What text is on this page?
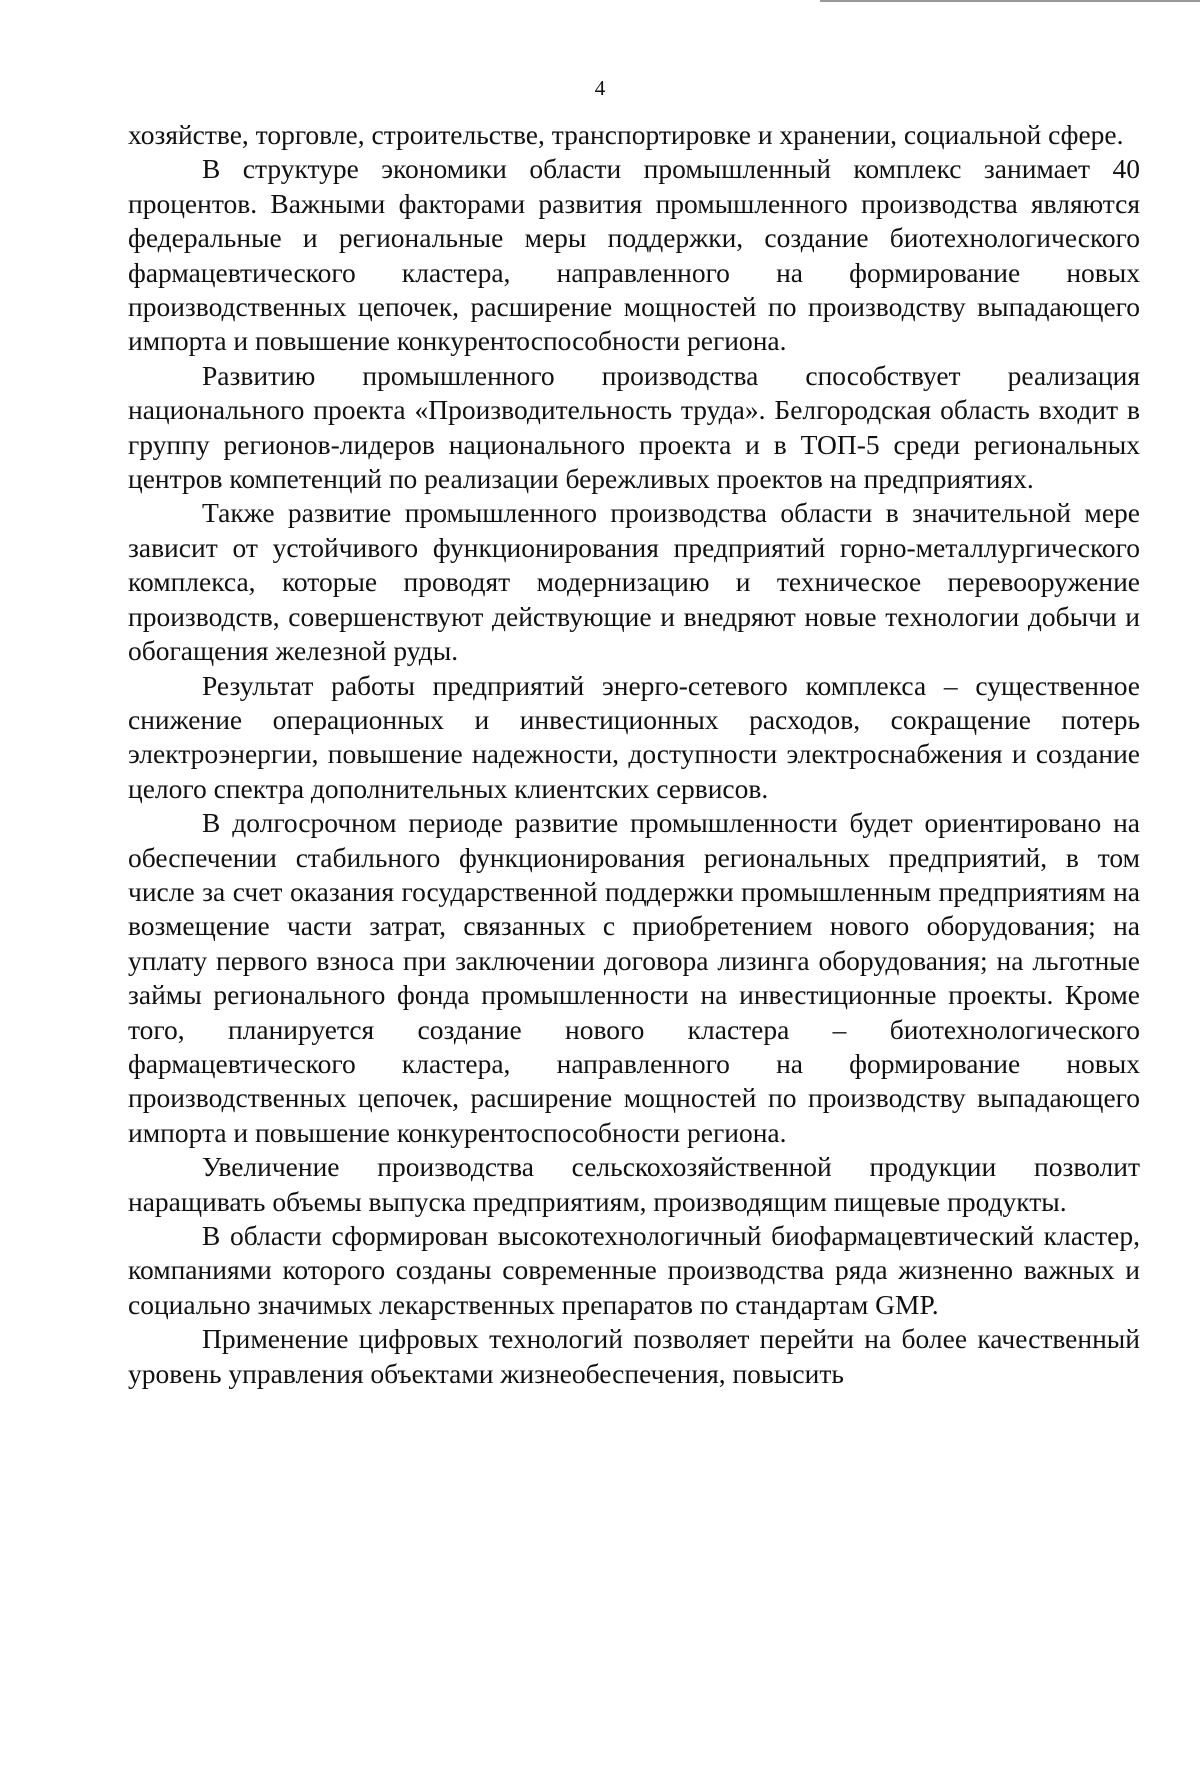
4

хозяйстве, торговле, строительстве, транспортировке и хранении, социальной сфере.

В структуре экономики области промышленный комплекс занимает 40 процентов. Важными факторами развития промышленного производства являются федеральные и региональные меры поддержки, создание биотехнологического фармацевтического кластера, направленного на формирование новых производственных цепочек, расширение мощностей по производству выпадающего импорта и повышение конкурентоспособности региона.

Развитию промышленного производства способствует реализация национального проекта «Производительность труда». Белгородская область входит в группу регионов-лидеров национального проекта и в ТОП-5 среди региональных центров компетенций по реализации бережливых проектов на предприятиях.

Также развитие промышленного производства области в значительной мере зависит от устойчивого функционирования предприятий горно-металлургического комплекса, которые проводят модернизацию и техническое перевооружение производств, совершенствуют действующие и внедряют новые технологии добычи и обогащения железной руды.

Результат работы предприятий энерго-сетевого комплекса – существенное снижение операционных и инвестиционных расходов, сокращение потерь электроэнергии, повышение надежности, доступности электроснабжения и создание целого спектра дополнительных клиентских сервисов.

В долгосрочном периоде развитие промышленности будет ориентировано на обеспечении стабильного функционирования региональных предприятий, в том числе за счет оказания государственной поддержки промышленным предприятиям на возмещение части затрат, связанных с приобретением нового оборудования; на уплату первого взноса при заключении договора лизинга оборудования; на льготные займы регионального фонда промышленности на инвестиционные проекты. Кроме того, планируется создание нового кластера – биотехнологического фармацевтического кластера, направленного на формирование новых производственных цепочек, расширение мощностей по производству выпадающего импорта и повышение конкурентоспособности региона.

Увеличение производства сельскохозяйственной продукции позволит наращивать объемы выпуска предприятиям, производящим пищевые продукты.

В области сформирован высокотехнологичный биофармацевтический кластер, компаниями которого созданы современные производства ряда жизненно важных и социально значимых лекарственных препаратов по стандартам GMP.

Применение цифровых технологий позволяет перейти на более качественный уровень управления объектами жизнеобеспечения, повысить
